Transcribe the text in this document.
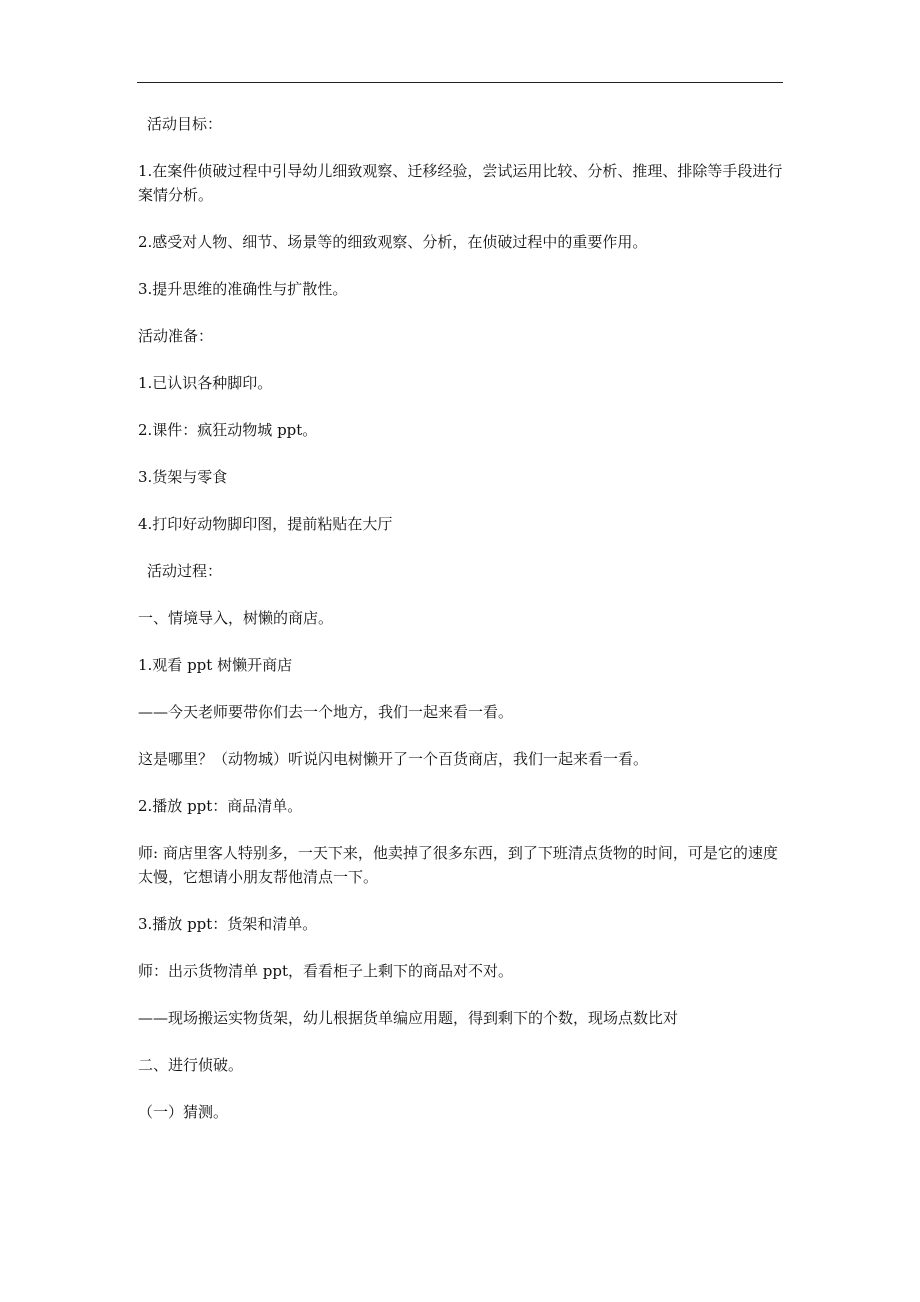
活动目标：

1.在案件侦破过程中引导幼儿细致观察、迁移经验，尝试运用比较、分析、推理、排除等手段进行案情分析。

2.感受对人物、细节、场景等的细致观察、分析，在侦破过程中的重要作用。

3.提升思维的准确性与扩散性。

活动准备：

1.已认识各种脚印。

2.课件：疯狂动物城 ppt。

3.货架与零食

4.打印好动物脚印图，提前粘贴在大厅

活动过程：

一、情境导入，树懒的商店。

1.观看 ppt 树懒开商店

——今天老师要带你们去一个地方，我们一起来看一看。

这是哪里？（动物城）听说闪电树懒开了一个百货商店，我们一起来看一看。

2.播放 ppt：商品清单。

师: 商店里客人特别多，一天下来，他卖掉了很多东西，到了下班清点货物的时间，可是它的速度太慢，它想请小朋友帮他清点一下。

3.播放 ppt：货架和清单。

师：出示货物清单 ppt，看看柜子上剩下的商品对不对。

——现场搬运实物货架，幼儿根据货单编应用题，得到剩下的个数，现场点数比对

二、进行侦破。

（一）猜测。
